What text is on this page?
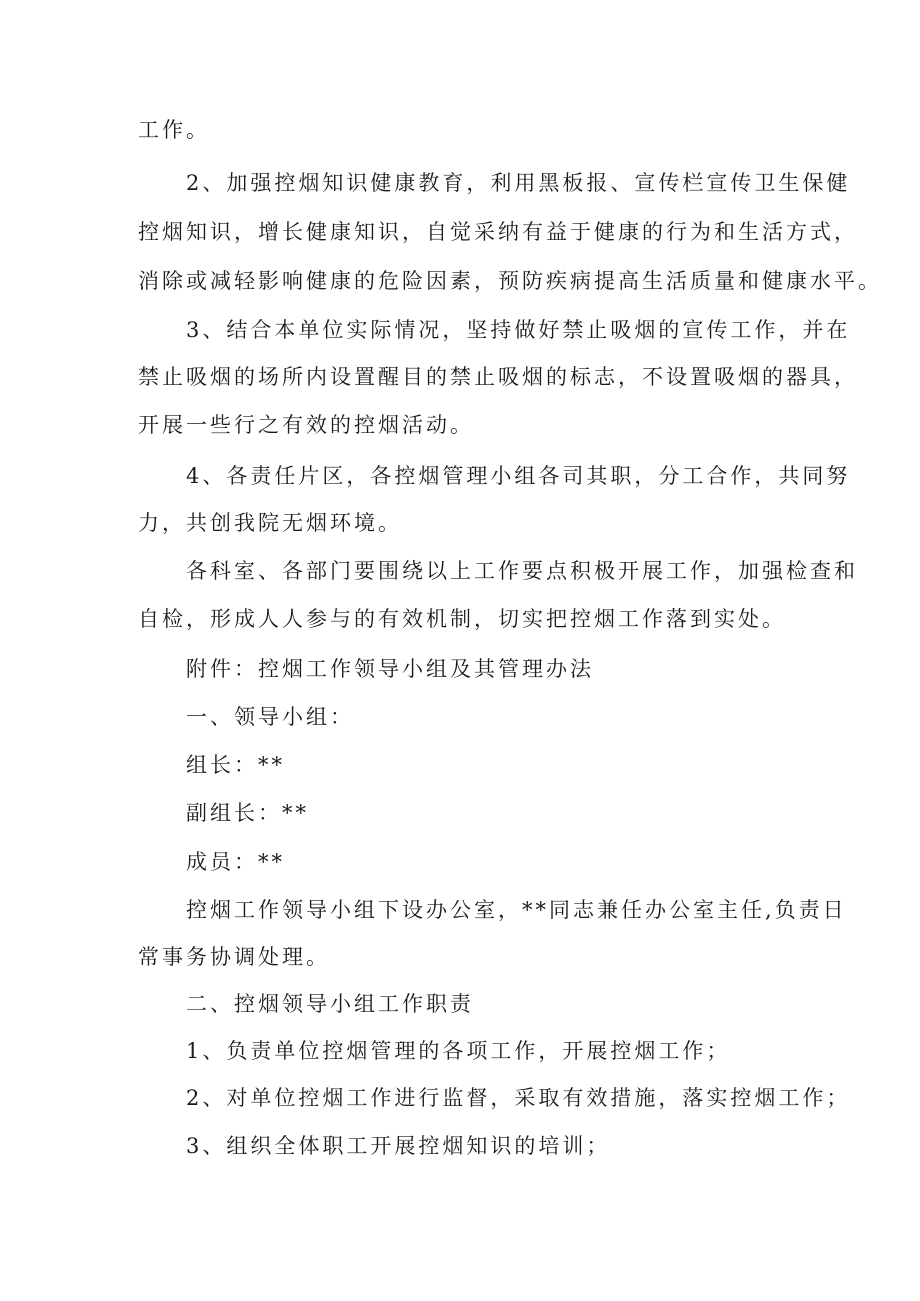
工作。

2、加强控烟知识健康教育，利用黑板报、宣传栏宣传卫生保健

控烟知识，增长健康知识，自觉采纳有益于健康的行为和生活方式，

消除或减轻影响健康的危险因素，预防疾病提高生活质量和健康水平。

3、结合本单位实际情况，坚持做好禁止吸烟的宣传工作，并在

禁止吸烟的场所内设置醒目的禁止吸烟的标志，不设置吸烟的器具，

开展一些行之有效的控烟活动。

4、各责任片区，各控烟管理小组各司其职，分工合作，共同努

力，共创我院无烟环境。

各科室、各部门要围绕以上工作要点积极开展工作，加强检查和

自检，形成人人参与的有效机制，切实把控烟工作落到实处。

附件：控烟工作领导小组及其管理办法

一、领导小组：

组长：**

副组长：**

成员：**

控烟工作领导小组下设办公室，**同志兼任办公室主任,负责日

常事务协调处理。

二、控烟领导小组工作职责

1、负责单位控烟管理的各项工作，开展控烟工作；

2、对单位控烟工作进行监督，采取有效措施，落实控烟工作；

3、组织全体职工开展控烟知识的培训；
